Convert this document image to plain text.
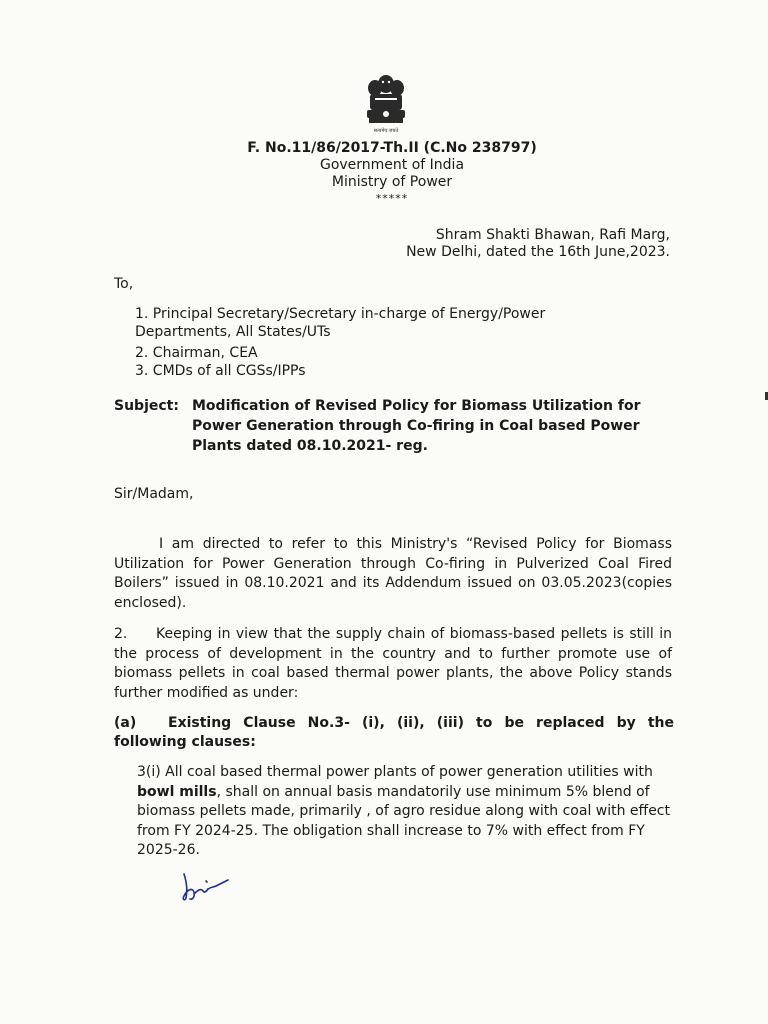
सत्यमेव जयते
F. No.11/86/2017-Th.II (C.No 238797)
Government of India
Ministry of Power
*****
Shram Shakti Bhawan, Rafi Marg,
New Delhi, dated the 16th June,2023.
To,
1. Principal Secretary/Secretary in-charge of Energy/Power
Departments, All States/UTs
2. Chairman, CEA
3. CMDs of all CGSs/IPPs
Subject: Modification of Revised Policy for Biomass Utilization for
Power Generation through Co-firing in Coal based Power
Plants dated 08.10.2021- reg.
Sir/Madam,
I am directed to refer to this Ministry's “Revised Policy for Biomass Utilization for Power Generation through Co-firing in Pulverized Coal Fired Boilers” issued in 08.10.2021 and its Addendum issued on 03.05.2023(copies enclosed).
2. Keeping in view that the supply chain of biomass-based pellets is still in the process of development in the country and to further promote use of biomass pellets in coal based thermal power plants, the above Policy stands further modified as under:
(a) Existing Clause No.3- (i), (ii), (iii) to be replaced by the following clauses:
3(i) All coal based thermal power plants of power generation utilities with bowl mills, shall on annual basis mandatorily use minimum 5% blend of biomass pellets made, primarily , of agro residue along with coal with effect from FY 2024-25. The obligation shall increase to 7% with effect from FY 2025-26.
